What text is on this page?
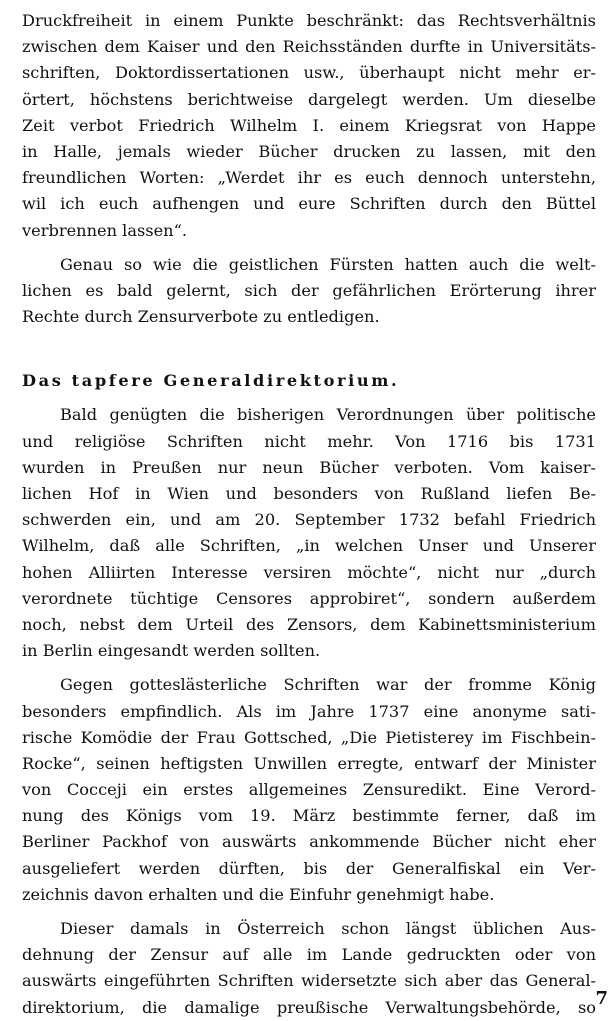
Druckfreiheit in einem Punkte beschränkt: das Rechtsverhältnis
zwischen dem Kaiser und den Reichsständen durfte in Universitäts-
schriften, Doktordissertationen usw., überhaupt nicht mehr er-
örtert, höchstens berichtweise dargelegt werden. Um dieselbe
Zeit verbot Friedrich Wilhelm I. einem Kriegsrat von Happe
in Halle, jemals wieder Bücher drucken zu lassen, mit den
freundlichen Worten: „Werdet ihr es euch dennoch unterstehn,
wil ich euch aufhengen und eure Schriften durch den Büttel
verbrennen lassen“.
Genau so wie die geistlichen Fürsten hatten auch die welt-
lichen es bald gelernt, sich der gefährlichen Erörterung ihrer
Rechte durch Zensurverbote zu entledigen.
Das tapfere Generaldirektorium.
Bald genügten die bisherigen Verordnungen über politische
und religiöse Schriften nicht mehr. Von 1716 bis 1731
wurden in Preußen nur neun Bücher verboten. Vom kaiser-
lichen Hof in Wien und besonders von Rußland liefen Be-
schwerden ein, und am 20. September 1732 befahl Friedrich
Wilhelm, daß alle Schriften, „in welchen Unser und Unserer
hohen Alliirten Interesse versiren möchte“, nicht nur „durch
verordnete tüchtige Censores approbiret“, sondern außerdem
noch, nebst dem Urteil des Zensors, dem Kabinettsministerium
in Berlin eingesandt werden sollten.
Gegen gotteslästerliche Schriften war der fromme König
besonders empfindlich. Als im Jahre 1737 eine anonyme sati-
rische Komödie der Frau Gottsched, „Die Pietisterey im Fischbein-
Rocke“, seinen heftigsten Unwillen erregte, entwarf der Minister
von Cocceji ein erstes allgemeines Zensuredikt. Eine Verord-
nung des Königs vom 19. März bestimmte ferner, daß im
Berliner Packhof von auswärts ankommende Bücher nicht eher
ausgeliefert werden dürften, bis der Generalfiskal ein Ver-
zeichnis davon erhalten und die Einfuhr genehmigt habe.
Dieser damals in Österreich schon längst üblichen Aus-
dehnung der Zensur auf alle im Lande gedruckten oder von
auswärts eingeführten Schriften widersetzte sich aber das General-
direktorium, die damalige preußische Verwaltungsbehörde, so 7
